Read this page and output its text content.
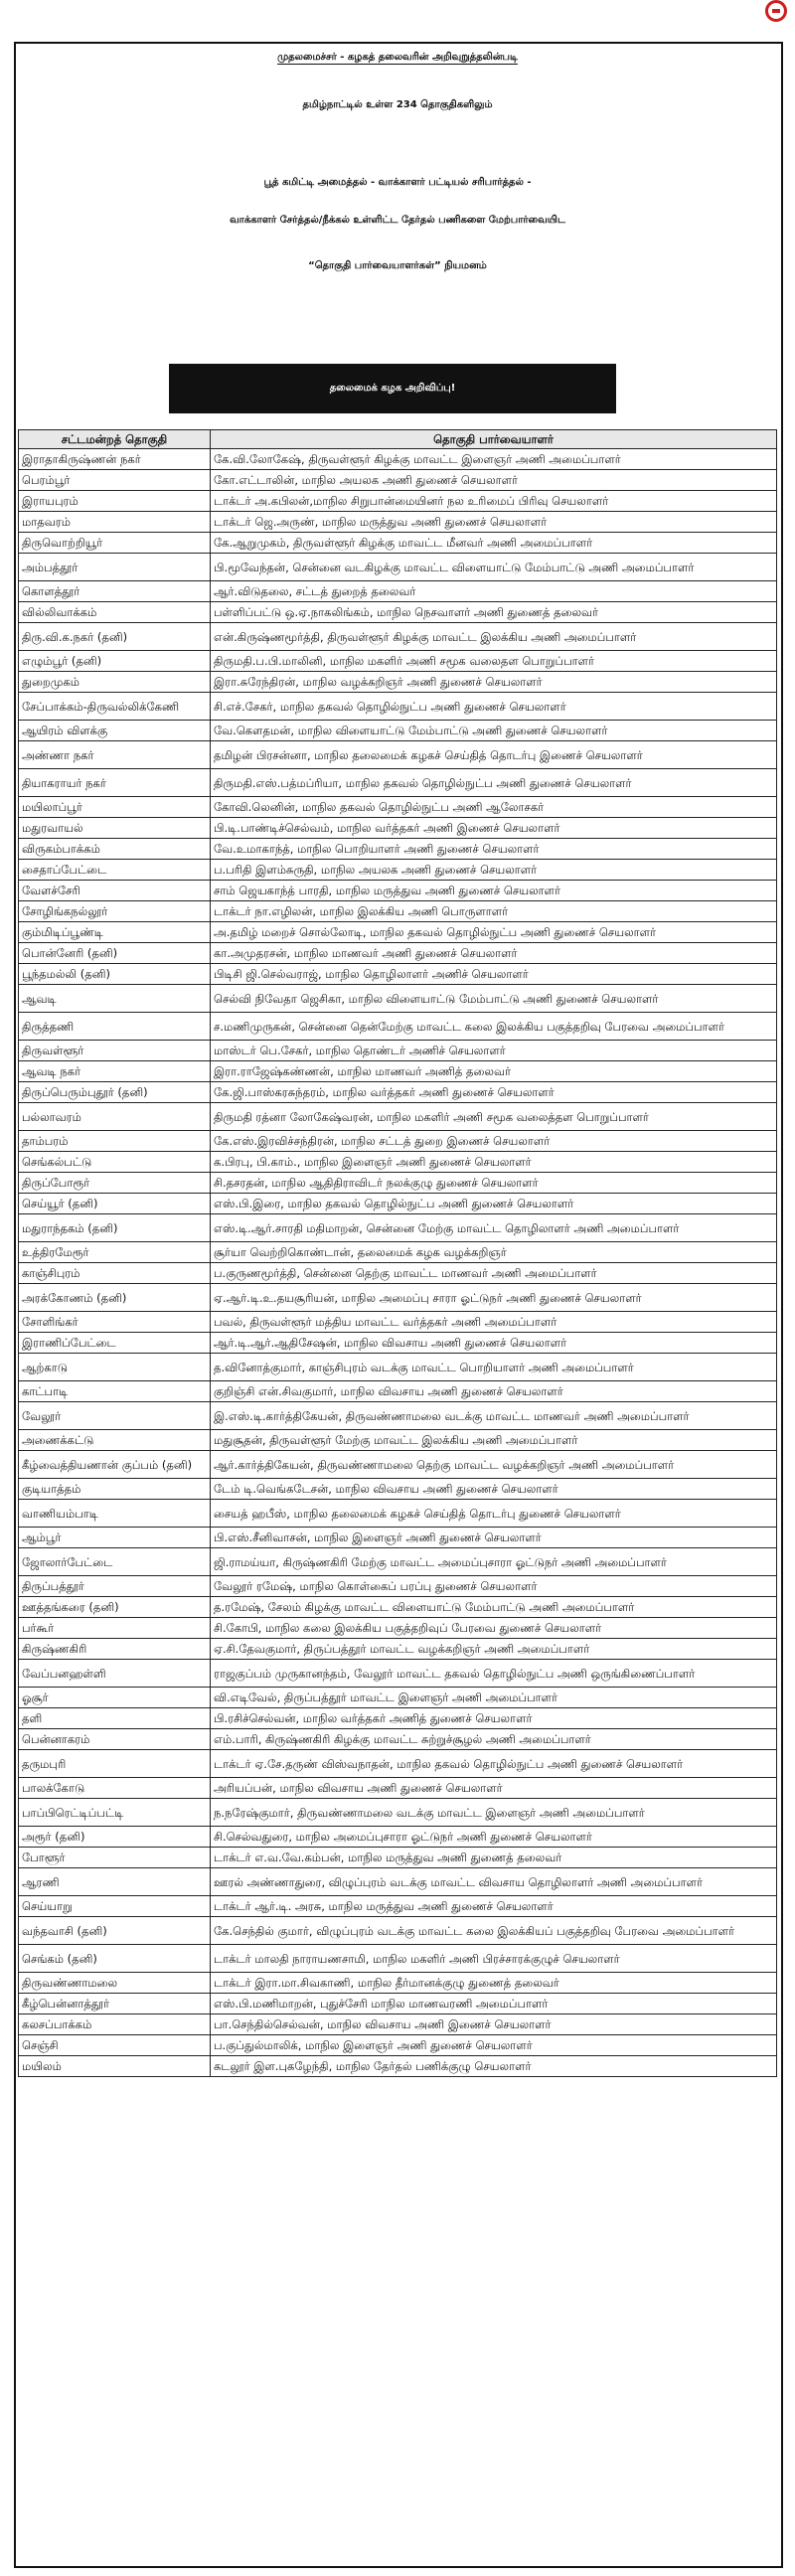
முதலமைச்சர் - கழகத் தலைவரின் அறிவுறுத்தலின்படி
தமிழ்நாட்டில் உள்ள 234 தொகுதிகளிலும்
பூத் கமிட்டி அமைத்தல் - வாக்காளர் பட்டியல் சரிபார்த்தல் -
வாக்காளர் சேர்த்தல்/நீக்கல் உள்ளிட்ட தேர்தல் பணிகளை மேற்பார்வையிட
“தொகுதி பார்வையாளர்கள்” நியமனம்
தலைமைக் கழக அறிவிப்பு!
சட்டமன்றத் தொகுதி	தொகுதி பார்வையாளர்
இராதாகிருஷ்ணன் நகர்	கே.வி.லோகேஷ், திருவள்ளூர் கிழக்கு மாவட்ட இளைஞர் அணி அமைப்பாளர்
பெரம்பூர்	கோ.எட்டாலின், மாநில அயலக அணி துணைச் செயலாளர்
இராயபுரம்	டாக்டர் அ.கபிலன்,மாநில சிறுபான்மையினர் நல உரிமைப் பிரிவு செயலாளர்
மாதவரம்	டாக்டர் ஜெ.அருண், மாநில மருத்துவ அணி துணைச் செயலாளர்
திருவொற்றியூர்	கே.ஆறுமுகம், திருவள்ளூர் கிழக்கு மாவட்ட மீனவர் அணி அமைப்பாளர்
அம்பத்தூர்	பி.மூவேந்தன், சென்னை வடகிழக்கு மாவட்ட விளையாட்டு மேம்பாட்டு அணி அமைப்பாளர்
கொளத்தூர்	ஆர்.விடுதலை, சட்டத் துறைத் தலைவர்
வில்லிவாக்கம்	பள்ளிப்பட்டு ஒ.ஏ.நாகலிங்கம், மாநில நெசவாளர் அணி துணைத் தலைவர்
திரு.வி.க.நகர் (தனி)	என்.கிருஷ்ணமூர்த்தி, திருவள்ளூர் கிழக்கு மாவட்ட இலக்கிய அணி அமைப்பாளர்
எழும்பூர் (தனி)	திருமதி.ப.பி.மாலினி, மாநில மகளிர் அணி சமூக வலைதள பொறுப்பாளர்
துறைமுகம்	இரா.சுரேந்திரன், மாநில வழக்கறிஞர் அணி துணைச் செயலாளர்
சேப்பாக்கம்-திருவல்லிக்கேணி	சி.எச்.சேகர், மாநில தகவல் தொழில்நுட்ப அணி துணைச் செயலாளர்
ஆயிரம் விளக்கு	வே.கௌதமன், மாநில விளையாட்டு மேம்பாட்டு அணி துணைச் செயலாளர்
அண்ணா நகர்	தமிழன் பிரசன்னா, மாநில தலைமைக் கழகச் செய்தித் தொடர்பு இணைச் செயலாளர்
தியாகராயர் நகர்	திருமதி.எஸ்.பத்மப்ரியா, மாநில தகவல் தொழில்நுட்ப அணி துணைச் செயலாளர்
மயிலாப்பூர்	கோவி.லெனின், மாநில தகவல் தொழில்நுட்ப அணி ஆலோசகர்
மதுரவாயல்	பி.டி.பாண்டிச்செல்வம், மாநில வர்த்தகர் அணி இணைச் செயலாளர்
விருகம்பாக்கம்	வே.உமாகாந்த், மாநில பொறியாளர் அணி துணைச் செயலாளர்
சைதாப்பேட்டை	ப.பரிதி இளம்சுருதி, மாநில அயலக அணி துணைச் செயலாளர்
வேளச்சேரி	சாம் ஜெயகாந்த் பாரதி, மாநில மருத்துவ அணி துணைச் செயலாளர்
சோழிங்கநல்லூர்	டாக்டர் நா.எழிலன், மாநில இலக்கிய அணி பொருளாளர்
கும்மிடிப்பூண்டி	அ.தமிழ் மறைச் சொல்லோடி, மாநில தகவல் தொழில்நுட்ப அணி துணைச் செயலாளர்
பொன்னேரி (தனி)	கா.அமுதரசன், மாநில மாணவர் அணி துணைச் செயலாளர்
பூந்தமல்லி (தனி)	பிடிசி ஜி.செல்வராஜ், மாநில தொழிலாளர் அணிச் செயலாளர்
ஆவடி	செல்வி நிவேதா ஜெசிகா, மாநில விளையாட்டு மேம்பாட்டு அணி துணைச் செயலாளர்
திருத்தணி	ச.மணிமுருகன், சென்னை தென்மேற்கு மாவட்ட கலை இலக்கிய பகுத்தறிவு பேரவை அமைப்பாளர்
திருவள்ளூர்	மாஸ்டர் பெ.சேகர், மாநில தொண்டர் அணிச் செயலாளர்
ஆவடி நகர்	இரா.ராஜேஷ்கண்ணன், மாநில மாணவர் அணித் தலைவர்
திருப்பெரும்புதூர் (தனி)	கே.ஜி.பாஸ்கரசுந்தரம், மாநில வர்த்தகர் அணி துணைச் செயலாளர்
பல்லாவரம்	திருமதி ரத்னா லோகேஷ்வரன், மாநில மகளிர் அணி சமூக வலைத்தள பொறுப்பாளர்
தாம்பரம்	கே.எஸ்.இரவிச்சந்திரன், மாநில சட்டத் துறை இணைச் செயலாளர்
செங்கல்பட்டு	க.பிரபு, பி.காம்., மாநில இளைஞர் அணி துணைச் செயலாளர்
திருப்போரூர்	சி.தசரதன், மாநில ஆதிதிராவிடர் நலக்குழு துணைச் செயலாளர்
செய்யூர் (தனி)	எஸ்.பி.இரை, மாநில தகவல் தொழில்நுட்ப அணி துணைச் செயலாளர்
மதுராந்தகம் (தனி)	எஸ்.டி.ஆர்.சாரதி மதிமாறன், சென்னை மேற்கு மாவட்ட தொழிலாளர் அணி அமைப்பாளர்
உத்திரமேரூர்	சூர்யா வெற்றிகொண்டான், தலைமைக் கழக வழக்கறிஞர்
காஞ்சிபுரம்	ப.குருணமூர்த்தி, சென்னை தெற்கு மாவட்ட மாணவர் அணி அமைப்பாளர்
அரக்கோணம் (தனி)	ஏ.ஆர்.டி.உ.தயசூரியன், மாநில அமைப்பு சாரா ஓட்டுநர் அணி துணைச் செயலாளர்
சோளிங்கர்	பவல், திருவள்ளூர் மத்திய மாவட்ட வர்த்தகர் அணி அமைப்பாளர்
இராணிப்பேட்டை	ஆர்.டி.ஆர்.ஆதிசேஷன், மாநில விவசாய அணி துணைச் செயலாளர்
ஆற்காடு	த.வினோத்குமார், காஞ்சிபுரம் வடக்கு மாவட்ட பொறியாளர் அணி அமைப்பாளர்
காட்பாடி	குறிஞ்சி என்.சிவகுமார், மாநில விவசாய அணி துணைச் செயலாளர்
வேலூர்	இ.எஸ்.டி.கார்த்திகேயன், திருவண்ணாமலை வடக்கு மாவட்ட மாணவர் அணி அமைப்பாளர்
அணைக்கட்டு	மதுசூதன், திருவள்ளூர் மேற்கு மாவட்ட இலக்கிய அணி அமைப்பாளர்
கீழ்வைத்தியணான் குப்பம் (தனி)	ஆர்.கார்த்திகேயன், திருவண்ணாமலை தெற்கு மாவட்ட வழக்கறிஞர் அணி அமைப்பாளர்
குடியாத்தம்	டேம் டி.வெங்கடேசன், மாநில விவசாய அணி துணைச் செயலாளர்
வாணியம்பாடி	சையத் ஹபீஸ், மாநில தலைமைக் கழகச் செய்தித் தொடர்பு துணைச் செயலாளர்
ஆம்பூர்	பி.எஸ்.சீனிவாசன், மாநில இளைஞர் அணி துணைச் செயலாளர்
ஜோலார்பேட்டை	ஜி.ராமய்யா, கிருஷ்ணகிரி மேற்கு மாவட்ட அமைப்புசாரா ஓட்டுநர் அணி அமைப்பாளர்
திருப்பத்தூர்	வேலூர் ரமேஷ், மாநில கொள்கைப் பரப்பு துணைச் செயலாளர்
ஊத்தங்கரை (தனி)	த.ரமேஷ், சேலம் கிழக்கு மாவட்ட விளையாட்டு மேம்பாட்டு அணி அமைப்பாளர்
பர்கூர்	சி.கோபி, மாநில கலை இலக்கிய பகுத்தறிவுப் பேரவை துணைச் செயலாளர்
கிருஷ்ணகிரி	ஏ.சி.தேவகுமார், திருப்பத்தூர் மாவட்ட வழக்கறிஞர் அணி அமைப்பாளர்
வேப்பனஹள்ளி	ராஜகுப்பம் முருகானந்தம், வேலூர் மாவட்ட தகவல் தொழில்நுட்ப அணி ஒருங்கிணைப்பாளர்
ஓசூர்	வி.எடிவேல், திருப்பத்தூர் மாவட்ட இளைஞர் அணி அமைப்பாளர்
தளி	பி.ரசிச்செல்வன், மாநில வர்த்தகர் அணித் துணைச் செயலாளர்
பென்னாகரம்	எம்.பாரி, கிருஷ்ணகிரி கிழக்கு மாவட்ட சுற்றுச்சூழல் அணி அமைப்பாளர்
தருமபுரி	டாக்டர் ஏ.சே.தருண் விஸ்வநாதன், மாநில தகவல் தொழில்நுட்ப அணி துணைச் செயலாளர்
பாலக்கோடு	அரியப்பன், மாநில விவசாய அணி துணைச் செயலாளர்
பாப்பிரெட்டிப்பட்டி	ந.நரேஷ்குமார், திருவண்ணாமலை வடக்கு மாவட்ட இளைஞர் அணி அமைப்பாளர்
அரூர் (தனி)	சி.செல்வதுரை, மாநில அமைப்புசாரா ஓட்டுநர் அணி துணைச் செயலாளர்
போளூர்	டாக்டர் எ.வ.வே.கம்பன், மாநில மருத்துவ அணி துணைத் தலைவர்
ஆரணி	ஊரல் அண்ணாதுரை, விழுப்புரம் வடக்கு மாவட்ட விவசாய தொழிலாளர் அணி அமைப்பாளர்
செய்யாறு	டாக்டர் ஆர்.டி. அரசு, மாநில மருத்துவ அணி துணைச் செயலாளர்
வந்தவாசி (தனி)	கே.செந்தில் குமார், விழுப்புரம் வடக்கு மாவட்ட கலை இலக்கியப் பகுத்தறிவு பேரவை அமைப்பாளர்
செங்கம் (தனி)	டாக்டர் மாலதி நாராயணசாமி, மாநில மகளிர் அணி பிரச்சாரக்குழுச் செயலாளர்
திருவண்ணாமலை	டாக்டர் இரா.மா.சிவகாணி, மாநில தீர்மானக்குழு துணைத் தலைவர்
கீழ்பென்னாத்தூர்	எஸ்.பி.மணிமாறன், புதுச்சேரி மாநில மாணவரணி அமைப்பாளர்
கலசப்பாக்கம்	பா.செந்தில்செல்வன், மாநில விவசாய அணி இணைச் செயலாளர்
செஞ்சி	ப.குப்துல்மாலிக், மாநில இளைஞர் அணி துணைச் செயலாளர்
மயிலம்	கடலூர் இள.புகழேந்தி, மாநில தேர்தல் பணிக்குழு செயலாளர்
